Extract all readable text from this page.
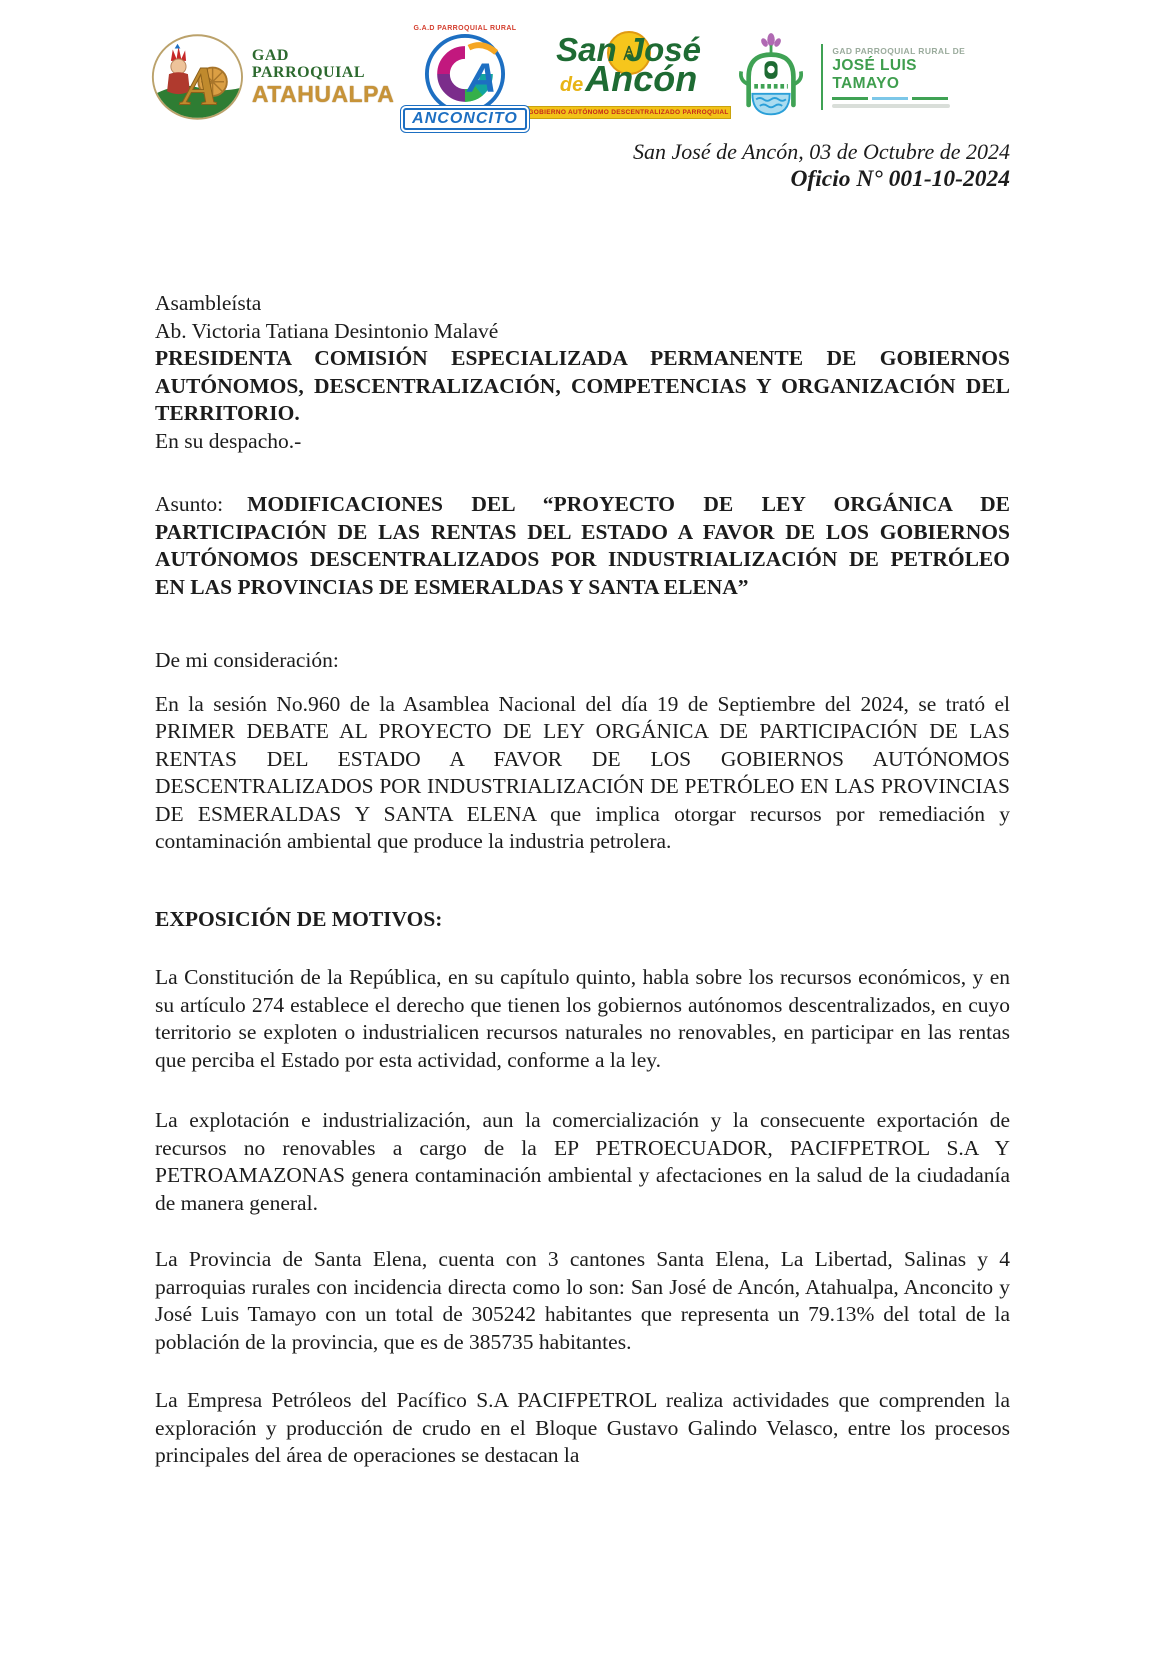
A GAD PARROQUIAL
ATAHUALPA
G.A.D PARROQUIAL RURAL
A
ANCONCITO
San José
deAncón
GOBIERNO AUTÓNOMO DESCENTRALIZADO PARROQUIAL
GAD PARROQUIAL RURAL DE
JOSÉ LUIS TAMAYO
San José de Ancón, 03 de Octubre de 2024
Oficio N° 001-10-2024

Asambleísta

Ab. Victoria Tatiana Desintonio Malavé

PRESIDENTA COMISIÓN ESPECIALIZADA PERMANENTE DE GOBIERNOS AUTÓNOMOS, DESCENTRALIZACIÓN, COMPETENCIAS Y ORGANIZACIÓN DEL TERRITORIO.

En su despacho.-

Asunto: MODIFICACIONES DEL “PROYECTO DE LEY ORGÁNICA DE PARTICIPACIÓN DE LAS RENTAS DEL ESTADO A FAVOR DE LOS GOBIERNOS AUTÓNOMOS DESCENTRALIZADOS POR INDUSTRIALIZACIÓN DE PETRÓLEO EN LAS PROVINCIAS DE ESMERALDAS Y SANTA ELENA”

De mi consideración:

En la sesión No.960 de la Asamblea Nacional del día 19 de Septiembre del 2024, se trató el PRIMER DEBATE AL PROYECTO DE LEY ORGÁNICA DE PARTICIPACIÓN DE LAS RENTAS DEL ESTADO A FAVOR DE LOS GOBIERNOS AUTÓNOMOS DESCENTRALIZADOS POR INDUSTRIALIZACIÓN DE PETRÓLEO EN LAS PROVINCIAS DE ESMERALDAS Y SANTA ELENA que implica otorgar recursos por remediación y contaminación ambiental que produce la industria petrolera.

EXPOSICIÓN DE MOTIVOS:

La Constitución de la República, en su capítulo quinto, habla sobre los recursos económicos, y en su artículo 274 establece el derecho que tienen los gobiernos autónomos descentralizados, en cuyo territorio se exploten o industrialicen recursos naturales no renovables, en participar en las rentas que perciba el Estado por esta actividad, conforme a la ley.

La explotación e industrialización, aun la comercialización y la consecuente exportación de recursos no renovables a cargo de la EP PETROECUADOR, PACIFPETROL S.A Y PETROAMAZONAS genera contaminación ambiental y afectaciones en la salud de la ciudadanía de manera general.

La Provincia de Santa Elena, cuenta con 3 cantones Santa Elena, La Libertad, Salinas y 4 parroquias rurales con incidencia directa como lo son: San José de Ancón, Atahualpa, Anconcito y José Luis Tamayo con un total de 305242 habitantes que representa un 79.13% del total de la población de la provincia, que es de 385735 habitantes.

La Empresa Petróleos del Pacífico S.A PACIFPETROL realiza actividades que comprenden la exploración y producción de crudo en el Bloque Gustavo Galindo Velasco, entre los procesos principales del área de operaciones se destacan la
